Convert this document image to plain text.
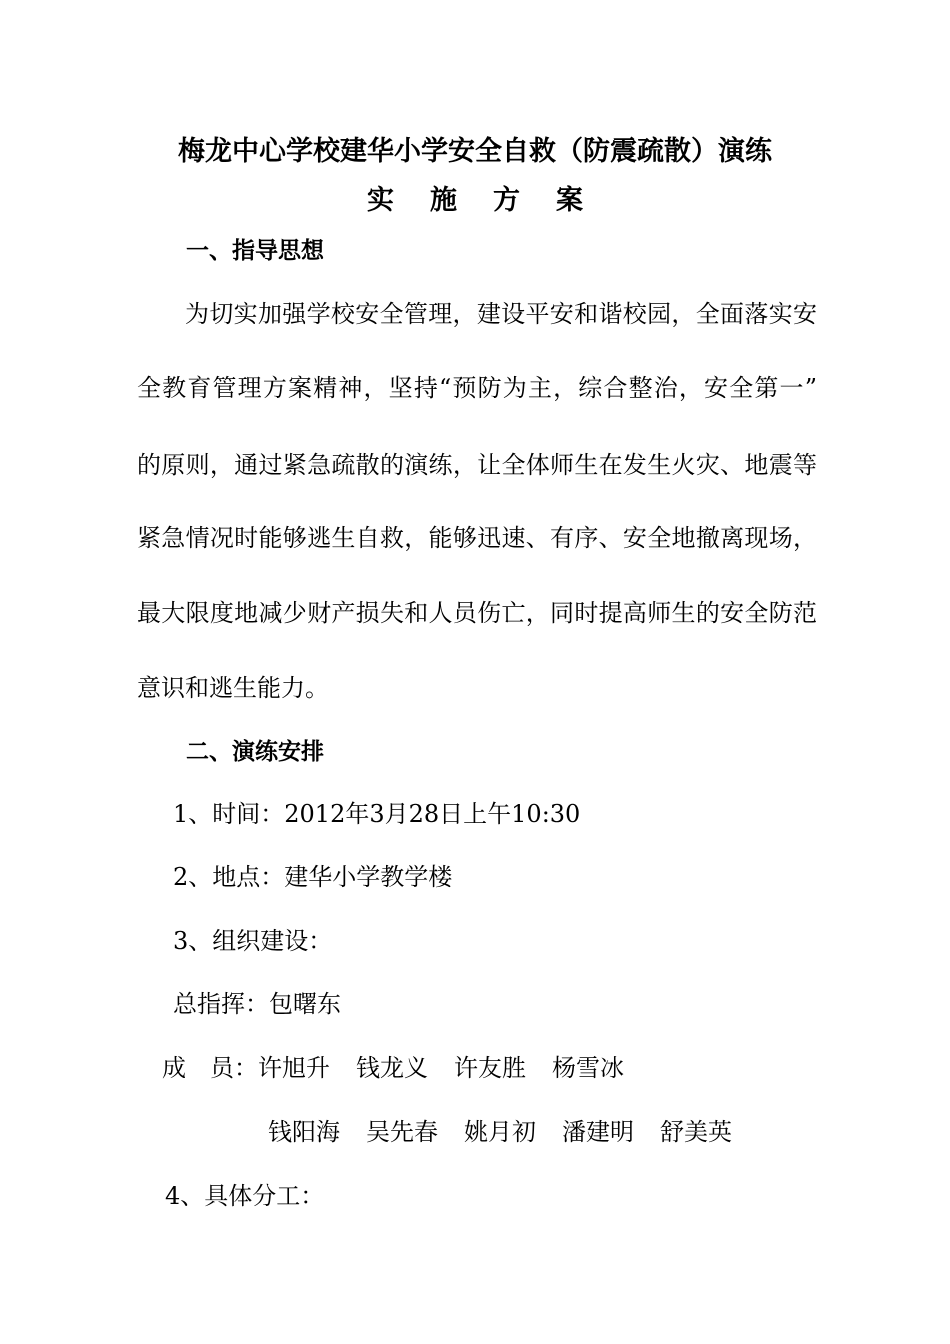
梅龙中心学校建华小学安全自救（防震疏散）演练
实施方案
一、指导思想
为切实加强学校安全管理，建设平安和谐校园，全面落实安
全教育管理方案精神，坚持“预防为主，综合整治，安全第一”
的原则，通过紧急疏散的演练，让全体师生在发生火灾、地震等
紧急情况时能够逃生自救，能够迅速、有序、安全地撤离现场，
最大限度地减少财产损失和人员伤亡，同时提高师生的安全防范
意识和逃生能力。
二、演练安排
1、时间：2012年3月28日上午10:30
2、地点：建华小学教学楼
3、组织建设：
总指挥：包曙东
成　员：许旭升 钱龙义 许友胜 杨雪冰
钱阳海 吴先春 姚月初 潘建明 舒美英
4、具体分工：
